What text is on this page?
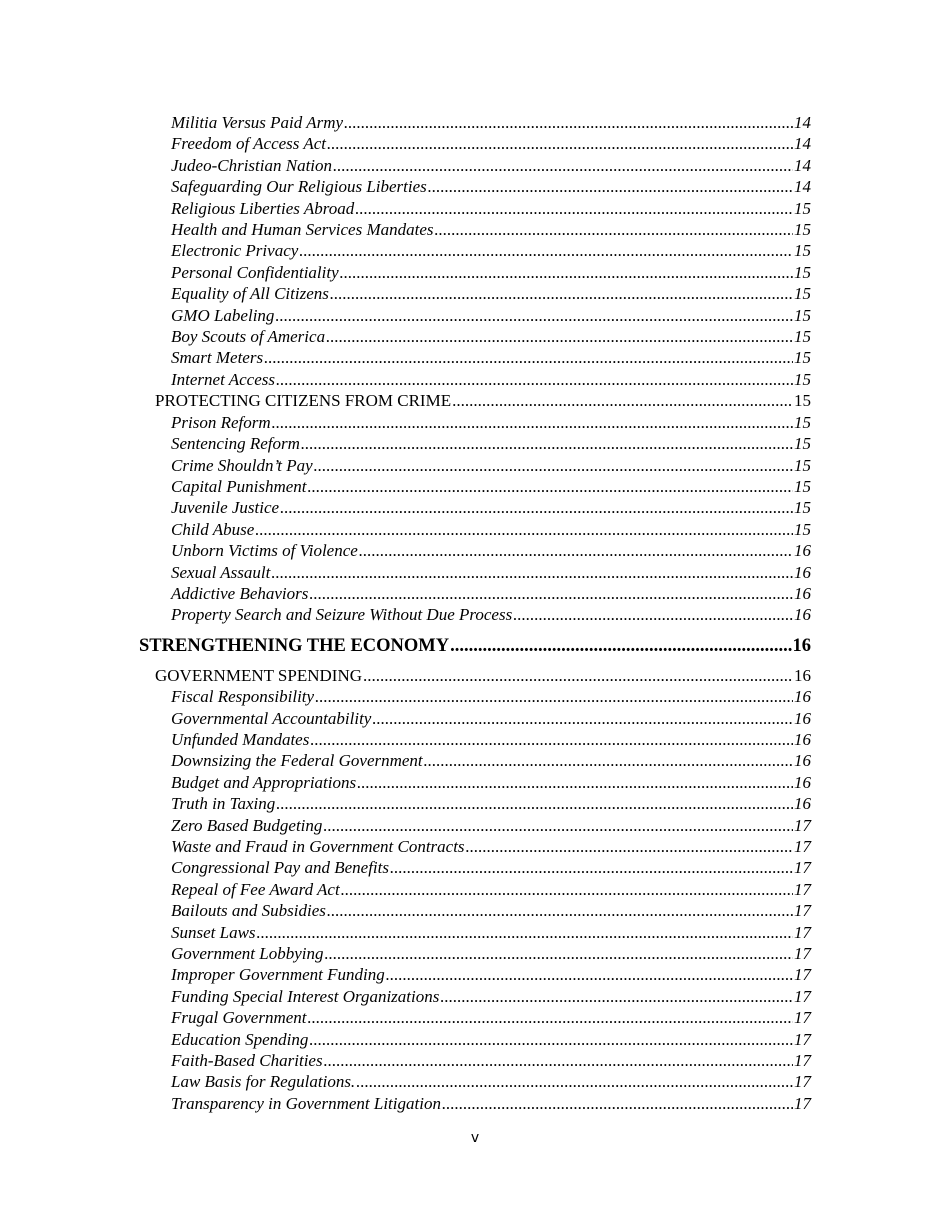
Militia Versus Paid Army .....	14
Freedom of Access Act .....	14
Judeo-Christian Nation .....	14
Safeguarding Our Religious Liberties .....	14
Religious Liberties Abroad .....	15
Health and Human Services Mandates .....	15
Electronic Privacy .....	15
Personal Confidentiality .....	15
Equality of All Citizens .....	15
GMO Labeling .....	15
Boy Scouts of America .....	15
Smart Meters .....	15
Internet Access .....	15
PROTECTING CITIZENS FROM CRIME .....	15
Prison Reform .....	15
Sentencing Reform .....	15
Crime Shouldn’t Pay .....	15
Capital Punishment .....	15
Juvenile Justice .....	15
Child Abuse .....	15
Unborn Victims of Violence .....	16
Sexual Assault .....	16
Addictive Behaviors .....	16
Property Search and Seizure Without Due Process .....	16
STRENGTHENING THE ECONOMY .....	16
GOVERNMENT SPENDING .....	16
Fiscal Responsibility .....	16
Governmental Accountability .....	16
Unfunded Mandates .....	16
Downsizing the Federal Government .....	16
Budget and Appropriations .....	16
Truth in Taxing .....	16
Zero Based Budgeting .....	17
Waste and Fraud in Government Contracts .....	17
Congressional Pay and Benefits .....	17
Repeal of Fee Award Act .....	17
Bailouts and Subsidies .....	17
Sunset Laws .....	17
Government Lobbying .....	17
Improper Government Funding .....	17
Funding Special Interest Organizations .....	17
Frugal Government .....	17
Education Spending .....	17
Faith-Based Charities .....	17
Law Basis for Regulations. .....	17
Transparency in Government Litigation .....	17
v
